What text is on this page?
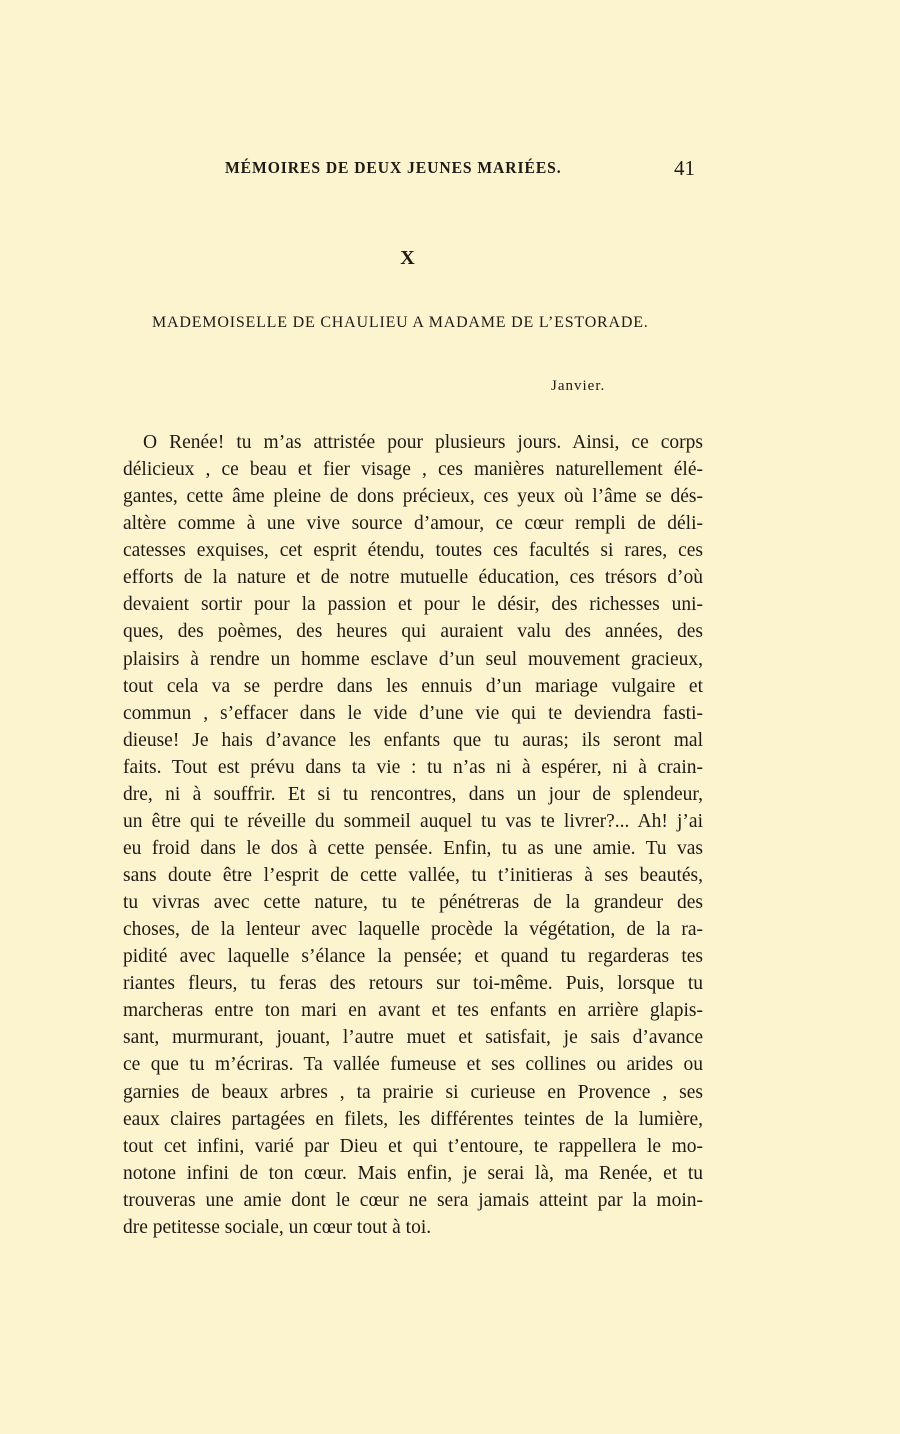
MÉMOIRES DE DEUX JEUNES MARIÉES.	41
X
MADEMOISELLE DE CHAULIEU A MADAME DE L’ESTORADE.
Janvier.
O Renée! tu m’as attristée pour plusieurs jours. Ainsi, ce corps
délicieux , ce beau et fier visage , ces manières naturellement élé-
gantes, cette âme pleine de dons précieux, ces yeux où l’âme se dés-
altère comme à une vive source d’amour, ce cœur rempli de déli-
catesses exquises, cet esprit étendu, toutes ces facultés si rares, ces
efforts de la nature et de notre mutuelle éducation, ces trésors d’où
devaient sortir pour la passion et pour le désir, des richesses uni-
ques, des poèmes, des heures qui auraient valu des années, des
plaisirs à rendre un homme esclave d’un seul mouvement gracieux,
tout cela va se perdre dans les ennuis d’un mariage vulgaire et
commun , s’effacer dans le vide d’une vie qui te deviendra fasti-
dieuse! Je hais d’avance les enfants que tu auras; ils seront mal
faits. Tout est prévu dans ta vie : tu n’as ni à espérer, ni à crain-
dre, ni à souffrir. Et si tu rencontres, dans un jour de splendeur,
un être qui te réveille du sommeil auquel tu vas te livrer?... Ah! j’ai
eu froid dans le dos à cette pensée. Enfin, tu as une amie. Tu vas
sans doute être l’esprit de cette vallée, tu t’initieras à ses beautés,
tu vivras avec cette nature, tu te pénétreras de la grandeur des
choses, de la lenteur avec laquelle procède la végétation, de la ra-
pidité avec laquelle s’élance la pensée; et quand tu regarderas tes
riantes fleurs, tu feras des retours sur toi-même. Puis, lorsque tu
marcheras entre ton mari en avant et tes enfants en arrière glapis-
sant, murmurant, jouant, l’autre muet et satisfait, je sais d’avance
ce que tu m’écriras. Ta vallée fumeuse et ses collines ou arides ou
garnies de beaux arbres , ta prairie si curieuse en Provence , ses
eaux claires partagées en filets, les différentes teintes de la lumière,
tout cet infini, varié par Dieu et qui t’entoure, te rappellera le mo-
notone infini de ton cœur. Mais enfin, je serai là, ma Renée, et tu
trouveras une amie dont le cœur ne sera jamais atteint par la moin-
dre petitesse sociale, un cœur tout à toi.
